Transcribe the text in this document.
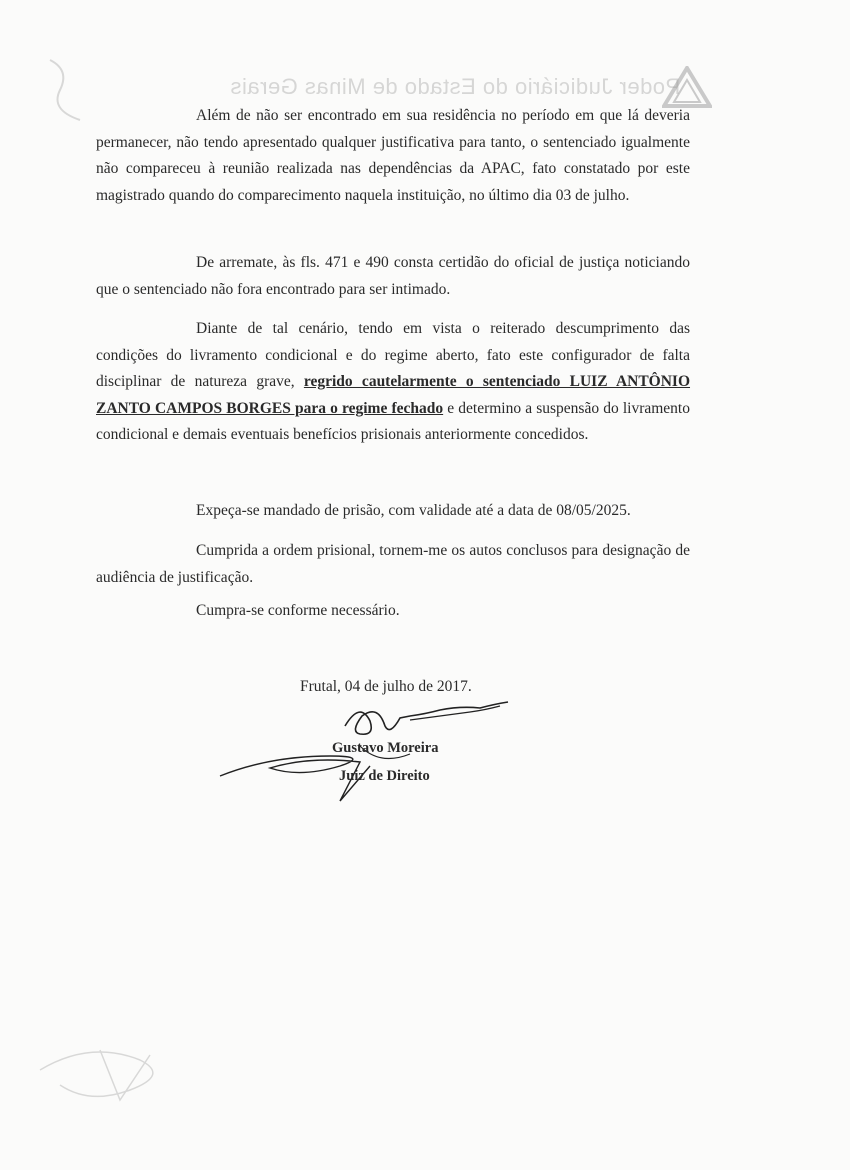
Poder Judiciário do Estado de Minas Gerais

Além de não ser encontrado em sua residência no período em que lá deveria permanecer, não tendo apresentado qualquer justificativa para tanto, o sentenciado igualmente não compareceu à reunião realizada nas dependências da APAC, fato constatado por este magistrado quando do comparecimento naquela instituição, no último dia 03 de julho.

De arremate, às fls. 471 e 490 consta certidão do oficial de justiça noticiando que o sentenciado não fora encontrado para ser intimado.

Diante de tal cenário, tendo em vista o reiterado descumprimento das condições do livramento condicional e do regime aberto, fato este configurador de falta disciplinar de natureza grave, regrido cautelarmente o sentenciado LUIZ ANTÔNIO ZANTO CAMPOS BORGES para o regime fechado e determino a suspensão do livramento condicional e demais eventuais benefícios prisionais anteriormente concedidos.

Expeça-se mandado de prisão, com validade até a data de 08/05/2025.

Cumprida a ordem prisional, tornem-me os autos conclusos para designação de audiência de justificação.

Cumpra-se conforme necessário.

Frutal, 04 de julho de 2017.
Gustavo Moreira
Juiz de Direito
